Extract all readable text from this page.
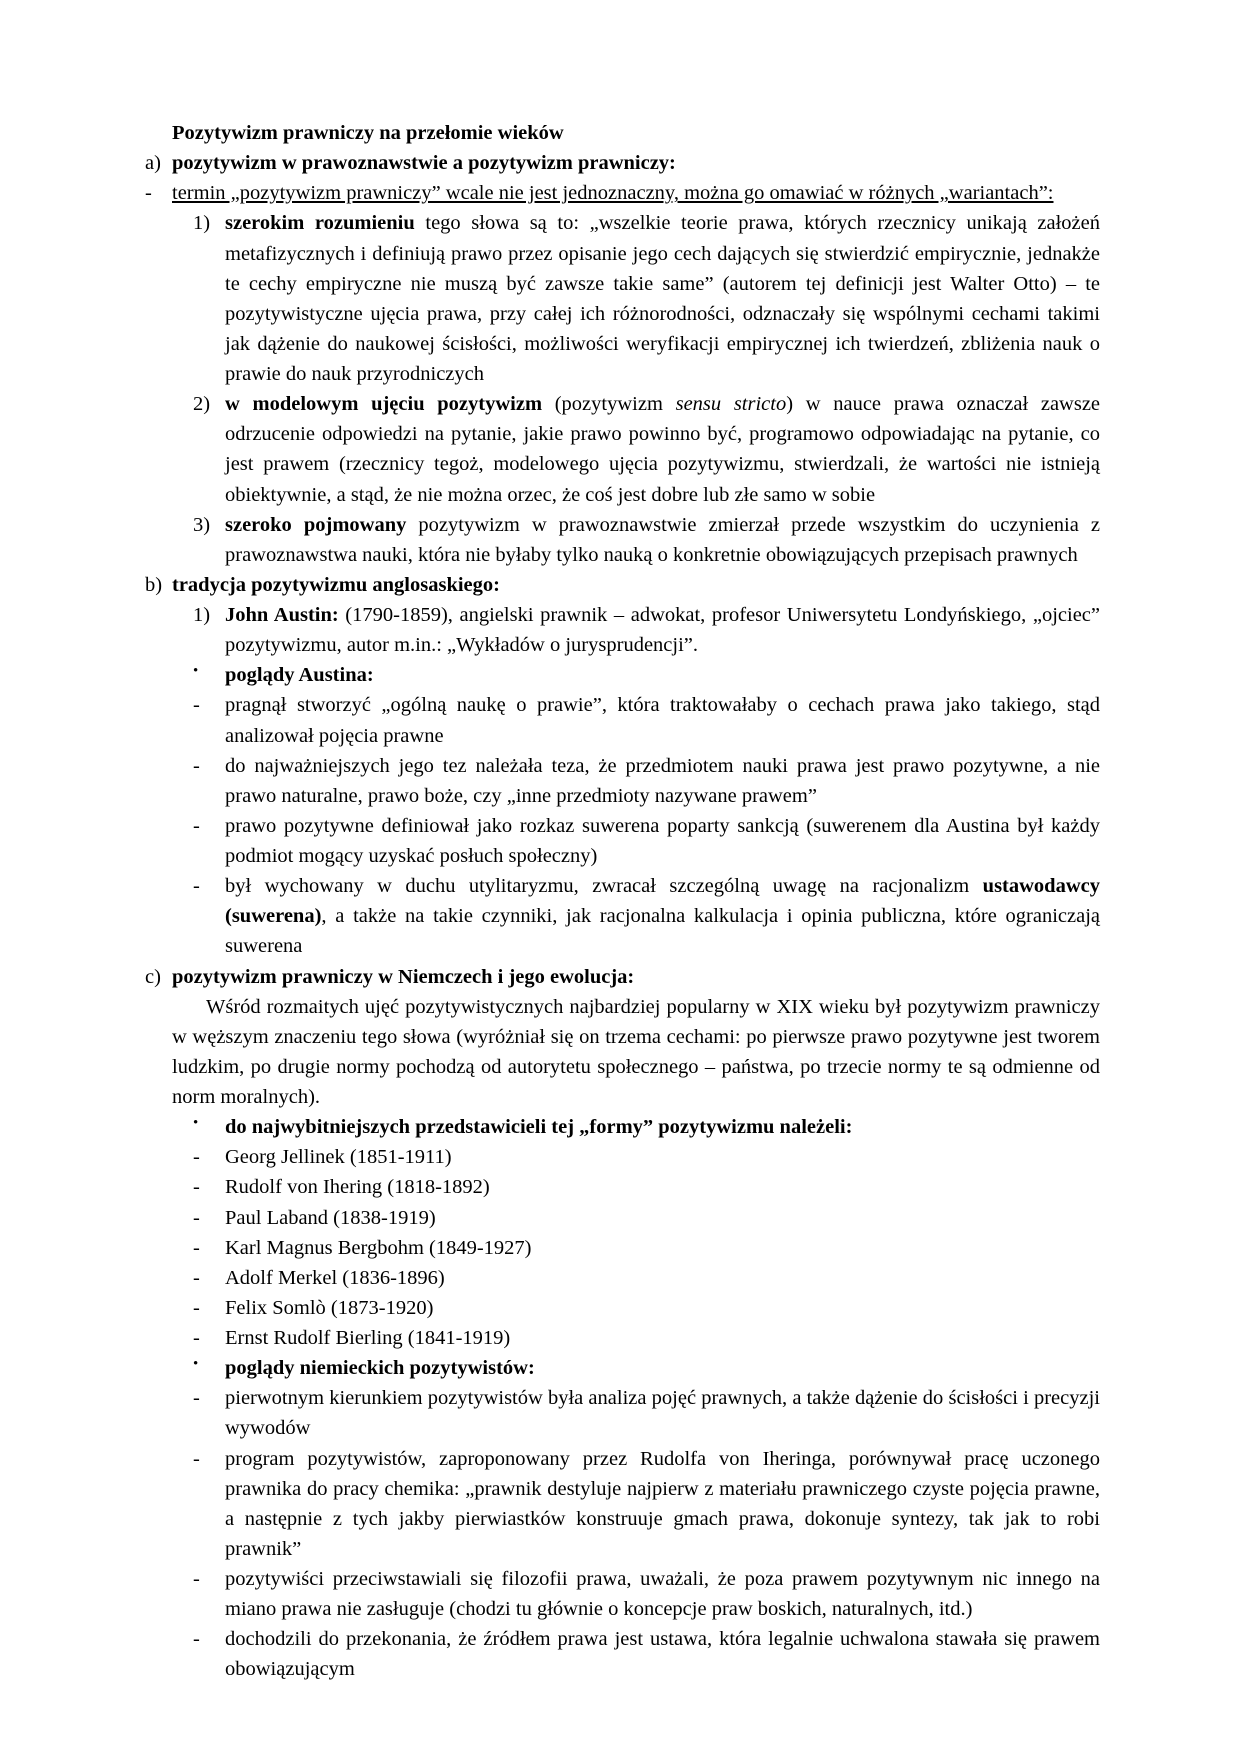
Pozytywizm prawniczy na przełomie wieków
a) pozytywizm w prawoznawstwie a pozytywizm prawniczy:
- termin „pozytywizm prawniczy” wcale nie jest jednoznaczny, można go omawiać w różnych „wariantach”:
1) szerokim rozumieniu tego słowa są to: „wszelkie teorie prawa, których rzecznicy unikają założeń metafizycznych i definiują prawo przez opisanie jego cech dających się stwierdzić empirycznie, jednakże te cechy empiryczne nie muszą być zawsze takie same” (autorem tej definicji jest Walter Otto) – te pozytywistyczne ujęcia prawa, przy całej ich różnorodności, odznaczały się wspólnymi cechami takimi jak dążenie do naukowej ścisłości, możliwości weryfikacji empirycznej ich twierdzeń, zbliżenia nauk o prawie do nauk przyrodniczych
2) w modelowym ujęciu pozytywizm (pozytywizm sensu stricto) w nauce prawa oznaczał zawsze odrzucenie odpowiedzi na pytanie, jakie prawo powinno być, programowo odpowiadając na pytanie, co jest prawem (rzecznicy tegoż, modelowego ujęcia pozytywizmu, stwierdzali, że wartości nie istnieją obiektywnie, a stąd, że nie można orzec, że coś jest dobre lub złe samo w sobie
3) szeroko pojmowany pozytywizm w prawoznawstwie zmierzał przede wszystkim do uczynienia z prawoznawstwa nauki, która nie byłaby tylko nauką o konkretnie obowiązujących przepisach prawnych
b) tradycja pozytywizmu anglosaskiego:
1) John Austin: (1790-1859), angielski prawnik – adwokat, profesor Uniwersytetu Londyńskiego, „ojciec” pozytywizmu, autor m.in.: „Wykładów o jurysprudencji”.
•	poglądy Austina:
-	pragnął stworzyć „ogólną naukę o prawie”, która traktowałaby o cechach prawa jako takiego, stąd analizował pojęcia prawne
-	do najważniejszych jego tez należała teza, że przedmiotem nauki prawa jest prawo pozytywne, a nie prawo naturalne, prawo boże, czy „inne przedmioty nazywane prawem”
-	prawo pozytywne definiował jako rozkaz suwerena poparty sankcją (suwerenem dla Austina był każdy podmiot mogący uzyskać posłuch społeczny)
-	był wychowany w duchu utylitaryzmu, zwracał szczególną uwagę na racjonalizm ustawodawcy (suwerena), a także na takie czynniki, jak racjonalna kalkulacja i opinia publiczna, które ograniczają suwerena
c) pozytywizm prawniczy w Niemczech i jego ewolucja:
Wśród rozmaitych ujęć pozytywistycznych najbardziej popularny w XIX wieku był pozytywizm prawniczy w węższym znaczeniu tego słowa (wyróżniał się on trzema cechami: po pierwsze prawo pozytywne jest tworem ludzkim, po drugie normy pochodzą od autorytetu społecznego – państwa, po trzecie normy te są odmienne od norm moralnych).
•	do najwybitniejszych przedstawicieli tej „formy” pozytywizmu należeli:
-	Georg Jellinek (1851-1911)
-	Rudolf von Ihering (1818-1892)
-	Paul Laband (1838-1919)
-	Karl Magnus Bergbohm (1849-1927)
-	Adolf Merkel (1836-1896)
-	Felix Somlò (1873-1920)
-	Ernst Rudolf Bierling (1841-1919)
•	poglądy niemieckich pozytywistów:
-	pierwotnym kierunkiem pozytywistów była analiza pojęć prawnych, a także dążenie do ścisłości i precyzji wywodów
-	program pozytywistów, zaproponowany przez Rudolfa von Iheringa, porównywał pracę uczonego prawnika do pracy chemika: „prawnik destyluje najpierw z materiału prawniczego czyste pojęcia prawne, a następnie z tych jakby pierwiastków konstruuje gmach prawa, dokonuje syntezy, tak jak to robi prawnik”
-	pozytywiści przeciwstawiali się filozofii prawa, uważali, że poza prawem pozytywnym nic innego na miano prawa nie zasługuje (chodzi tu głównie o koncepcje praw boskich, naturalnych, itd.)
-	dochodzili do przekonania, że źródłem prawa jest ustawa, która legalnie uchwalona stawała się prawem obowiązującym
